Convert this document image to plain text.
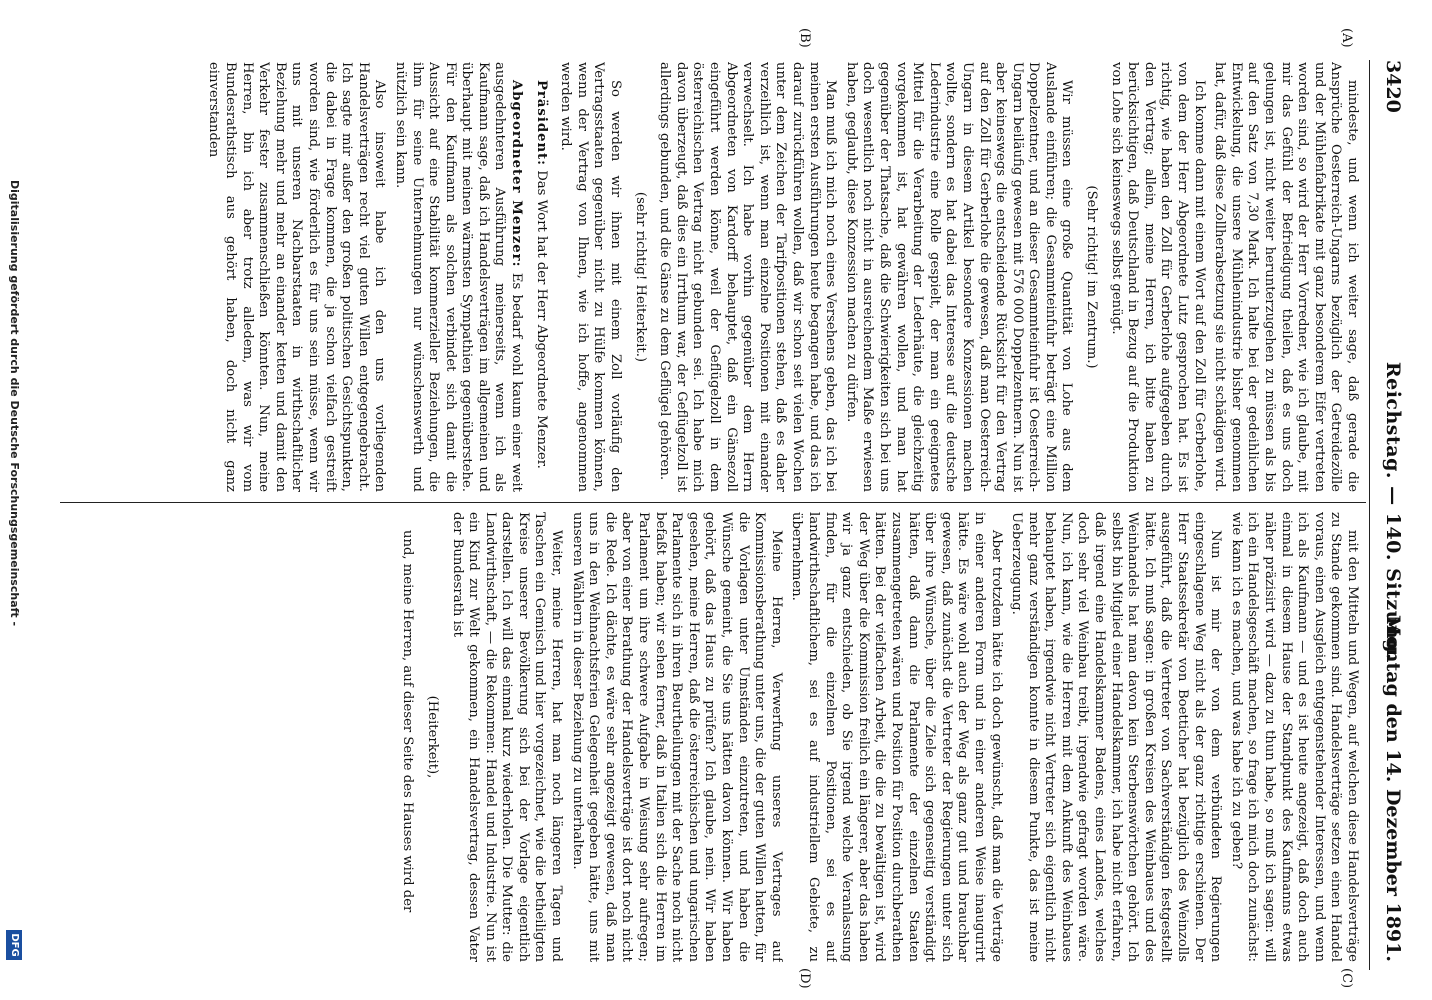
3420
Reichstag. — 140. Sitzung.
Montag den 14. Dezember 1891.
(A)
(B)
(C)
(D)

mindeste, und wenn ich weiter sage, daß gerade die Ansprüche Oesterreich-Ungarns bezüglich der Getreidezölle und der Mühlenfabrikate mit ganz besonderem Eifer vertreten worden sind, so wird der Herr Vorredner, wie ich glaube, mit mir das Gefühl der Befriedigung theilen, daß es uns doch gelungen ist, nicht weiter herunterzugehen zu müssen als bis auf den Satz von 7,30 Mark. Ich halte bei der gedeihlichen Entwickelung, die unsere Mühlenindustrie bisher genommen hat, dafür, daß diese Zollherabsetzung sie nicht schädigen wird.

Ich komme dann mit einem Wort auf den Zoll für Gerberlohe, von dem der Herr Abgeordnete Lutz gesprochen hat. Es ist richtig, wie haben den Zoll für Gerberlohe aufgegeben durch den Vertrag; allein, meine Herren, ich bitte haben zu berücksichtigen, daß Deutschland in Bezug auf die Produktion von Lohe sich keineswegs selbst genügt.

(Sehr richtig! im Zentrum.)

Wir müssen eine große Quantität von Lohe aus dem Auslande einführen; die Gesammteinfuhr beträgt eine Million Doppelzentner, und an dieser Gesammteinfuhr ist Oesterreich-Ungarn beiläufig gewesen mit 576 000 Doppelzentnern. Nun ist aber keineswegs die entscheidende Rücksicht für den Vertrag auf den Zoll für Gerberlohe die gewesen, daß man Oesterreich-Ungarn in diesem Artikel besondere Konzessionen machen wollte, sondern es hat dabei das Interesse auf die deutsche Lederindustrie eine Rolle gespielt, der man ein geeignetes Mittel für die Verarbeitung der Lederhäute, die gleichzeitig vorgekommen ist, hat gewähren wollen, und man hat gegenüber der Thatsache, daß die Schwierigkeiten sich bei uns doch wesentlich noch nicht in ausreichendem Maße erwiesen haben, geglaubt, diese Konzession machen zu dürfen.

Man muß ich mich noch eines Versehens geben, das ich bei meinen ersten Ausführungen heute begangen habe, und das ich darauf zurückführen wollen, daß wir schon seit vielen Wochen unter dem Zeichen der Tarifpositionen stehen, daß es daher verzeihlich ist, wenn man einzelne Positionen mit einander verwechselt. Ich habe vorhin gegenüber dem Herrn Abgeordneten von Kardorff behauptet, daß ein Gänsezoll eingeführt werden könne, weil der Geflügelzoll in dem österreichischen Vertrag nicht gebunden sei. Ich habe mich davon überzeugt, daß dies ein Irrthum war, der Geflügelzoll ist allerdings gebunden, und die Gänse zu dem Geflügel gehören.

(sehr richtig! Heiterkeit.)

So werden wir ihnen mit einem Zoll vorläufig den Vertragsstaaten gegenüber nicht zu Hülfe kommen können, wenn der Vertrag von Ihnen, wie ich hoffe, angenommen werden wird.

Präsident: Das Wort hat der Herr Abgeordnete Menzer.

Abgeordneter Menzer: Es bedarf wohl kaum einer weit ausgedehnteren Ausführung meinerseits, wenn ich als Kaufmann sage, daß ich Handelsverträgen im allgemeinen und überhaupt mit meinen wärmsten Sympathien gegenüberstehe. Für den Kaufmann als solchen verbindet sich damit die Aussicht auf eine Stabilität kommerzieller Beziehungen, die ihm für seine Unternehmungen nur wünschenswerth und nützlich sein kann.

Also insoweit habe ich den uns vorliegenden Handelsverträgen recht viel guten Willen entgegengebracht. Ich sagte mir außer den großen politischen Gesichtspunkten, die dabei in Frage kommen, die ja schon vielfach gestreift worden sind, wie förderlich es für uns sein müsse, wenn wir uns mit unseren Nachbarstaaten in wirthschaftlicher Beziehung mehr und mehr an einander ketten und damit den Verkehr fester zusammenschließen könnten. Nun, meine Herren, bin ich aber trotz alledem, was wir vom Bundesrathstisch aus gehört haben, doch nicht ganz einverstanden

mit den Mitteln und Wegen, auf welchen diese Handelsverträge zu Stande gekommen sind. Handelsverträge setzen einen Handel voraus, einen Ausgleich entgegenstehender Interessen, und wenn ich als Kaufmann — und es ist heute angezeigt, daß doch auch einmal in diesem Hause der Standpunkt des Kaufmanns etwas näher präzisirt wird — dazu zu thun habe, so muß ich sagen: will ich ein Handelsgeschäft machen, so frage ich mich doch zunächst: wie kann ich es machen, und was habe ich zu geben?

Nun ist mir der von dem verbündeten Regierungen eingeschlagene Weg nicht als der ganz richtige erschienen. Der Herr Staatssekretär von Boetticher hat bezüglich des Weinzolls ausgeführt, daß die Vertreter von Sachverständigen festgestellt hätte. Ich muß sagen: in großen Kreisen des Weinbaues und des Weinhandels hat man davon kein Sterbenswörtchen gehört. Ich selbst bin Mitglied einer Handelskammer, ich habe nicht erfahren, daß irgend eine Handelskammer Badens, eines Landes, welches doch sehr viel Weinbau treibt, irgendwie gefragt worden wäre. Nun, ich kann, wie die Herren mit dem Ankunft des Weinbaues behauptet haben, irgendwie nicht Vertreter sich eigentlich nicht mehr ganz verständigen konnte in diesem Punkte, das ist meine Ueberzeugung.

Aber trotzdem hätte ich doch gewünscht, daß man die Verträge in einer anderen Form und in einer anderen Weise inaugurirt hätte. Es wäre wohl auch der Weg als ganz gut und brauchbar gewesen, daß zunächst die Vertreter der Regierungen unter sich über ihre Wünsche, über die Ziele sich gegenseitig verständigt hätten, daß dann die Parlamente der einzelnen Staaten zusammengetreten wären und Position für Position durchberathen hätten. Bei der vielfachen Arbeit, die die zu bewältigen ist, wird der Weg über die Kommission freilich ein längerer, aber das haben wir ja ganz entschieden, ob Sie irgend welche Veranlassung finden, für die einzelnen Positionen, sei es auf landwirthschaftlichem, sei es auf industriellem Gebiete, zu übernehmen.

Meine Herren, Verwerfung unseres Vertrages auf Kommissionsberathung unter uns, die der guten Willen hatten, für die Vorlagen unter Umständen einzutreten, und haben die Wünsche gemeint, die Sie uns hätten davon können. Wir haben gehört, daß das Haus zu prüfen? Ich glaube, nein. Wir haben gesehen, meine Herren, daß die österreichischen und ungarischen Parlamente sich in ihren Beurtheilungen mit der Sache noch nicht befaßt haben; wir sehen ferner, daß in Italien sich die Herren im Parlament um ihre schwere Aufgabe in Weisung sehr aufregen; aber von einer Berathung der Handelsverträge ist dort noch nicht die Rede. Ich dächte, es wäre sehr angezeigt gewesen, daß man uns in den Weihnachtsferien Gelegenheit gegeben hätte, uns mit unseren Wählern in dieser Beziehung zu unterhalten.

Weiter, meine Herren, hat man noch längeren Tagen und Taschen ein Gemisch und hier vorgezeichnet, wie die betheiligten Kreise unserer Bevölkerung sich bei der Vorlage eigentlich darstellen. Ich will das einmal kurz wiederholen. Die Mutter: die Landwirthschaft, — die Rekommen: Handel und Industrie. Nun ist ein Kind zur Welt gekommen, ein Handelsvertrag, dessen Vater der Bundesrath ist

(Heiterkeit),

und, meine Herren, auf dieser Seite des Hauses wird der

Digitalisierung gefördert durch die Deutsche Forschungsgemeinschaft -
DFG
